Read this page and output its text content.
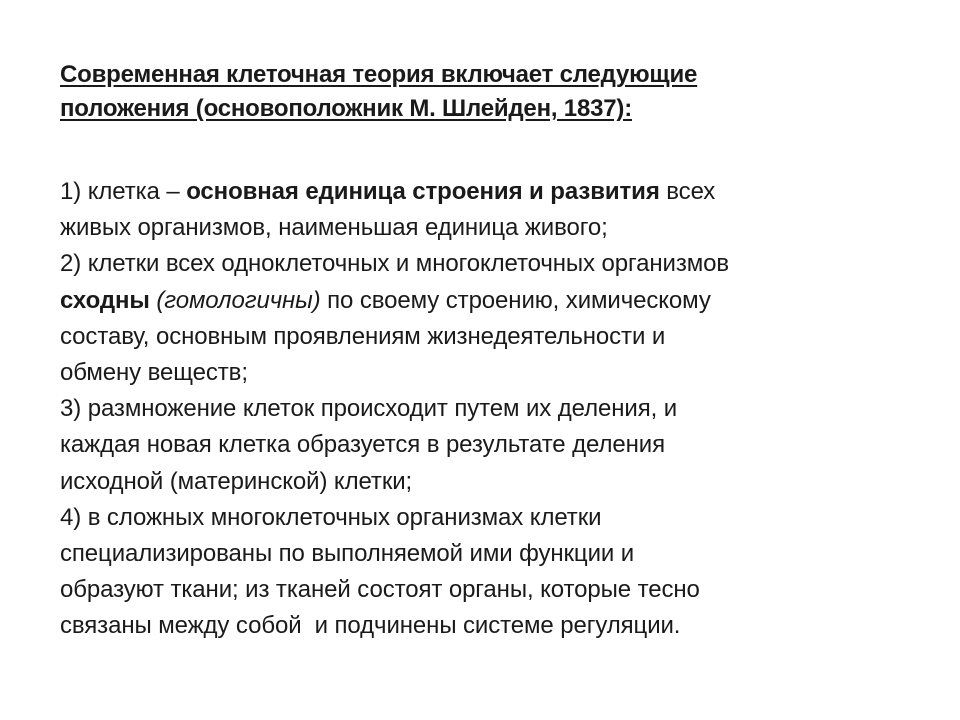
Современная клеточная теория включает следующие
положения (основоположник М. Шлейден, 1837):
1) клетка – основная единица строения и развития всех
живых организмов, наименьшая единица живого;
2) клетки всех одноклеточных и многоклеточных организмов
сходны (гомологичны) по своему строению, химическому
составу, основным проявлениям жизнедеятельности и
обмену веществ;
3) размножение клеток происходит путем их деления, и
каждая новая клетка образуется в результате деления
исходной (материнской) клетки;
4) в сложных многоклеточных организмах клетки
специализированы по выполняемой ими функции и
образуют ткани; из тканей состоят органы, которые тесно
связаны между собой  и подчинены системе регуляции.
